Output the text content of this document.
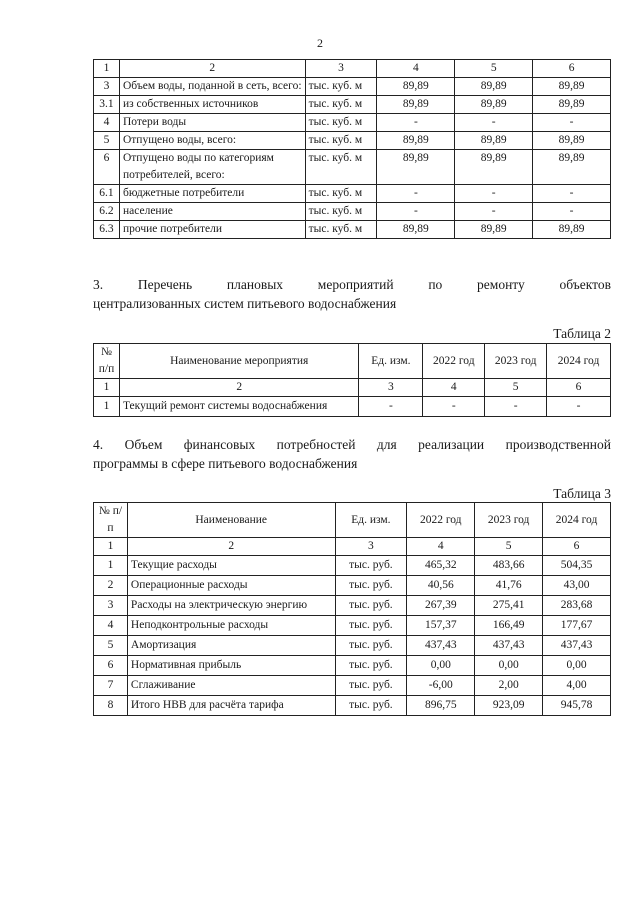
2
1	2	3	4	5	6
3	Объем воды, поданной в сеть, всего:	тыс. куб. м	89,89	89,89	89,89
3.1	из собственных источников	тыс. куб. м	89,89	89,89	89,89
4	Потери воды	тыс. куб. м	-	-	-
5	Отпущено воды, всего:	тыс. куб. м	89,89	89,89	89,89
6	Отпущено воды по категориям потребителей, всего:	тыс. куб. м	89,89	89,89	89,89
6.1	бюджетные потребители	тыс. куб. м	-	-	-
6.2	население	тыс. куб. м	-	-	-
6.3	прочие потребители	тыс. куб. м	89,89	89,89	89,89
3. Перечень плановых мероприятий по ремонту объектов
централизованных систем питьевого водоснабжения
Таблица 2
№ п/п	Наименование мероприятия	Ед. изм.	2022 год	2023 год	2024 год
1	2	3	4	5	6
1	Текущий ремонт системы водоснабжения	-	-	-	-
4. Объем финансовых потребностей для реализации производственной
программы в сфере питьевого водоснабжения
Таблица 3
№ п/п	Наименование	Ед. изм.	2022 год	2023 год	2024 год
1	2	3	4	5	6
1	Текущие расходы	тыс. руб.	465,32	483,66	504,35
2	Операционные расходы	тыс. руб.	40,56	41,76	43,00
3	Расходы на электрическую энергию	тыс. руб.	267,39	275,41	283,68
4	Неподконтрольные расходы	тыс. руб.	157,37	166,49	177,67
5	Амортизация	тыс. руб.	437,43	437,43	437,43
6	Нормативная прибыль	тыс. руб.	0,00	0,00	0,00
7	Сглаживание	тыс. руб.	-6,00	2,00	4,00
8	Итого НВВ для расчёта тарифа	тыс. руб.	896,75	923,09	945,78
